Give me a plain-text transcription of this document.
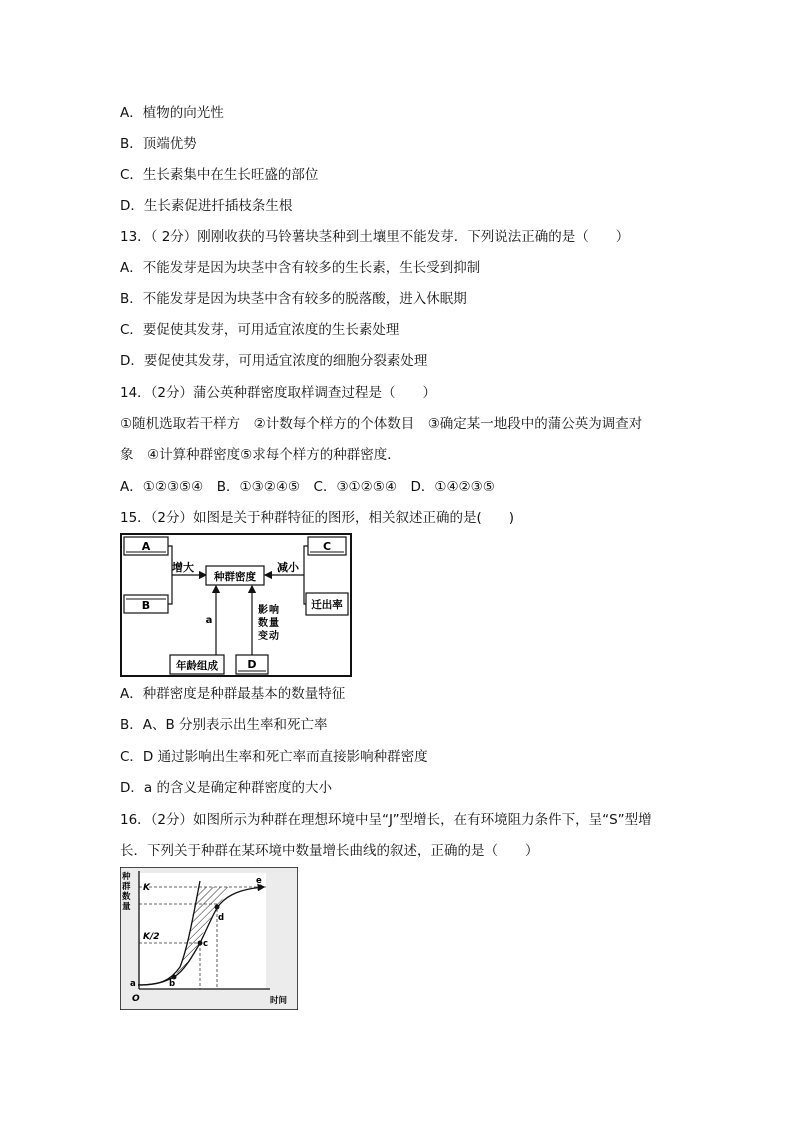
A．植物的向光性
B．顶端优势
C．生长素集中在生长旺盛的部位
D．生长素促进扦插枝条生根
13．（ 2分）刚刚收获的马铃薯块茎种到土壤里不能发芽．下列说法正确的是（　　）
A．不能发芽是因为块茎中含有较多的生长素，生长受到抑制
B．不能发芽是因为块茎中含有较多的脱落酸，进入休眠期
C．要促使其发芽，可用适宜浓度的生长素处理
D．要促使其发芽，可用适宜浓度的细胞分裂素处理
14．（2分）蒲公英种群密度取样调查过程是（　　）
①随机选取若干样方　②计数每个样方的个体数目　③确定某一地段中的蒲公英为调查对
象　④计算种群密度⑤求每个样方的种群密度．
A．①②③⑤④　B．①③②④⑤　C．③①②⑤④　D．①④②③⑤
15．（2分）如图是关于种群特征的图形，相关叙述正确的是(　　)
A
B
增大
种群密度
C
迁出率
减小
年龄组成
a
D
影 响
数 量
变 动
A．种群密度是种群最基本的数量特征
B．A、B 分别表示出生率和死亡率
C．D 通过影响出生率和死亡率而直接影响种群密度
D．a 的含义是确定种群密度的大小
16．（2分）如图所示为种群在理想环境中呈“J”型增长，在有环境阻力条件下，呈“S”型增
长．下列关于种群在某环境中数量增长曲线的叙述，正确的是（　　）
种
群
数
量
K
K/2
a	b
c
d
e
O	时间
